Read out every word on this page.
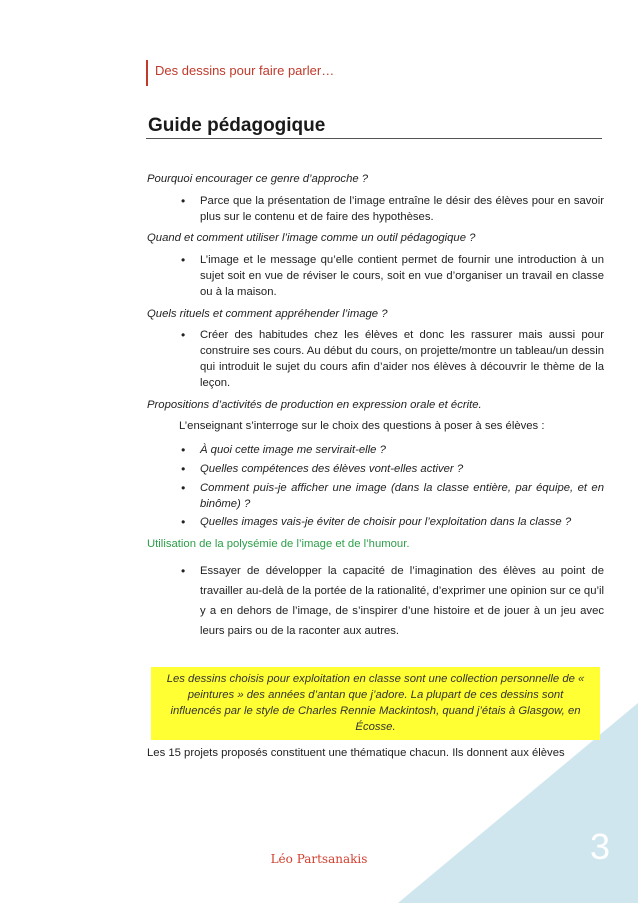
3
Léo Partsanakis
Des dessins pour faire parler…
Guide pédagogique

Pourquoi encourager ce genre d’approche ?

• Parce que la présentation de l’image entraîne le désir des élèves pour en savoir plus sur le contenu et de faire des hypothèses.

Quand et comment utiliser l’image comme un outil pédagogique ?

• L’image et le message qu’elle contient permet de fournir une introduction à un sujet soit en vue de réviser le cours, soit en vue d’organiser un travail en classe ou à la maison.

Quels rituels et comment appréhender l’image ?

• Créer des habitudes chez les élèves et donc les rassurer mais aussi pour construire ses cours. Au début du cours, on projette/montre un tableau/un dessin qui introduit le sujet du cours afin d’aider nos élèves à découvrir le thème de la leçon.

Propositions d’activités de production en expression orale et écrite.

L’enseignant s’interroge sur le choix des questions à poser à ses élèves :

• À quoi cette image me servirait-elle ?
• Quelles compétences des élèves vont-elles activer ?
• Comment puis-je afficher une image (dans la classe entière, par équipe, et en binôme) ?
• Quelles images vais-je éviter de choisir pour l’exploitation dans la classe ?

Utilisation de la polysémie de l’image et de l’humour.

• Essayer de développer la capacité de l’imagination des élèves au point de travailler au-delà de la portée de la rationalité, d’exprimer une opinion sur ce qu’il y a en dehors de l’image, de s’inspirer d’une histoire et de jouer à un jeu avec leurs pairs ou de la raconter aux autres.
Les dessins choisis pour exploitation en classe sont une collection personnelle de « peintures » des années d’antan que j’adore. La plupart de ces dessins sont influencés par le style de Charles Rennie Mackintosh, quand j’étais à Glasgow, en Écosse.

Les 15 projets proposés constituent une thématique chacun. Ils donnent aux élèves
